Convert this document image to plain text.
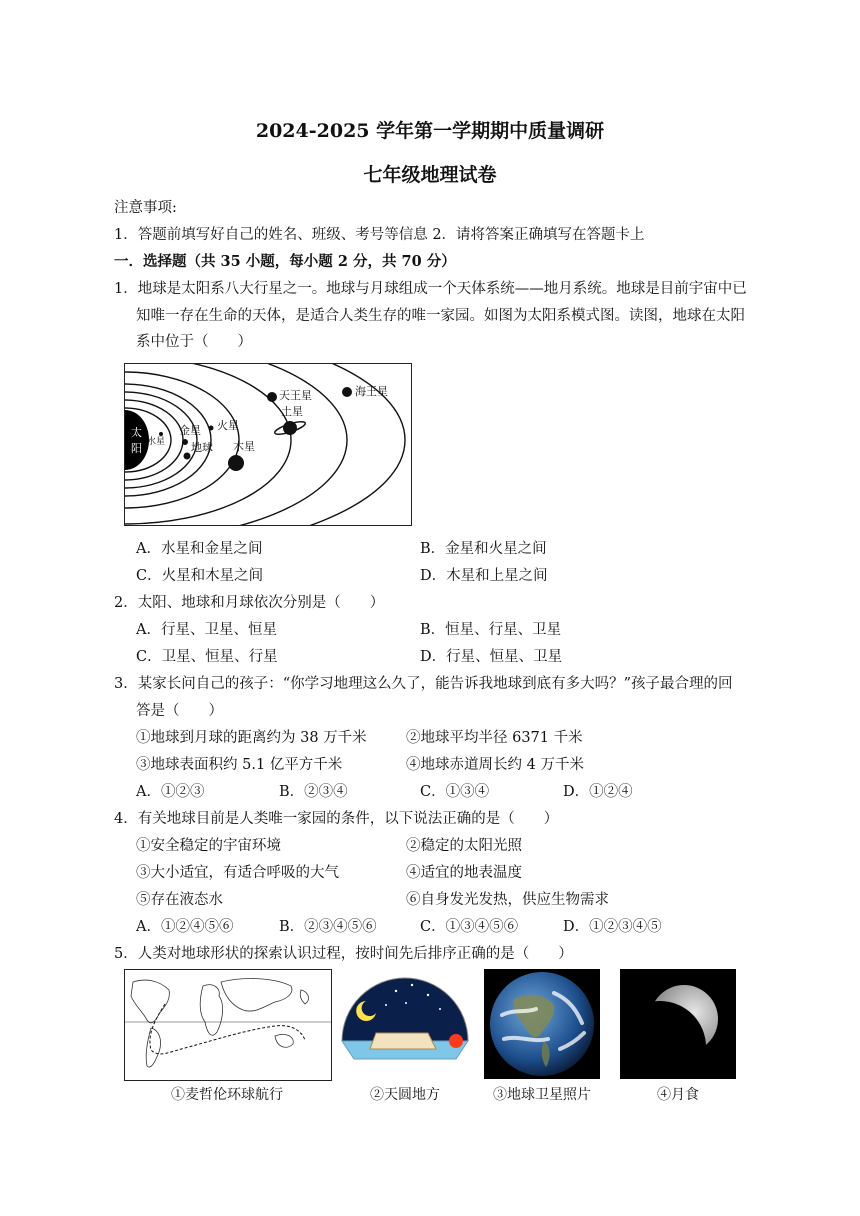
2024-2025 学年第一学期期中质量调研
七年级地理试卷
注意事项:
1．答题前填写好自己的姓名、班级、考号等信息 2．请将答案正确填写在答题卡上
一．选择题（共 35 小题，每小题 2 分，共 70 分）
1．地球是太阳系八大行星之一。地球与月球组成一个天体系统——地月系统。地球是目前宇宙中已
知唯一存在生命的天体，是适合人类生存的唯一家园。如图为太阳系模式图。读图，地球在太阳
系中位于（　　）
太
阳 水星
金星
地球
火星
木星
土星
天王星	海王星
A．水星和金星之间	B．金星和火星之间
C．火星和木星之间	D．木星和上星之间
2．太阳、地球和月球依次分别是（　　）
A．行星、卫星、恒星	B．恒星、行星、卫星
C．卫星、恒星、行星	D．行星、恒星、卫星
3．某家长问自己的孩子：“你学习地理这么久了，能告诉我地球到底有多大吗？”孩子最合理的回
答是（　　）
①地球到月球的距离约为 38 万千米	②地球平均半径 6371 千米
③地球表面积约 5.1 亿平方千米	④地球赤道周长约 4 万千米
A．①②③	B．②③④	C．①③④	D．①②④
4．有关地球目前是人类唯一家园的条件，以下说法正确的是（　　）
①安全稳定的宇宙环境	②稳定的太阳光照
③大小适宜，有适合呼吸的大气	④适宜的地表温度
⑤存在液态水	⑥自身发光发热，供应生物需求
A．①②④⑤⑥	B．②③④⑤⑥	C．①③④⑤⑥	D．①②③④⑤
5．人类对地球形状的探索认识过程，按时间先后排序正确的是（　　）
①麦哲伦环球航行	②天圆地方	③地球卫星照片	④月食
